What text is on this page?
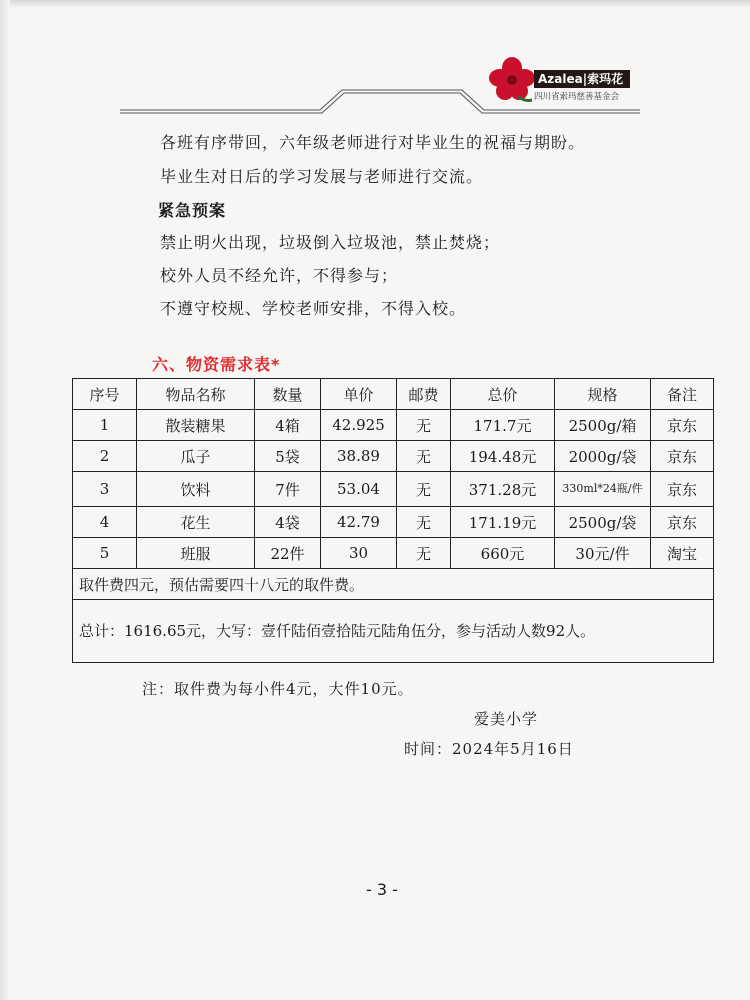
Azalea|索玛花
四川省索玛慈善基金会
各班有序带回，六年级老师进行对毕业生的祝福与期盼。
毕业生对日后的学习发展与老师进行交流。
紧急预案
禁止明火出现，垃圾倒入垃圾池，禁止焚烧；
校外人员不经允许，不得参与；
不遵守校规、学校老师安排，不得入校。
六、物资需求表*
序号	物品名称	数量	单价	邮费	总价	规格	备注
1	散装糖果	4箱	42.925	无	171.7元	2500g/箱	京东
2	瓜子	5袋	38.89	无	194.48元	2000g/袋	京东
3	饮料	7件	53.04	无	371.28元	330ml*24瓶/件	京东
4	花生	4袋	42.79	无	171.19元	2500g/袋	京东
5	班服	22件	30	无	660元	30元/件	淘宝
取件费四元，预估需要四十八元的取件费。							
总计：1616.65元，大写：壹仟陆佰壹拾陆元陆角伍分，参与活动人数92人。							
注：取件费为每小件4元，大件10元。
爱美小学
时间：2024年5月16日
- 3 -
